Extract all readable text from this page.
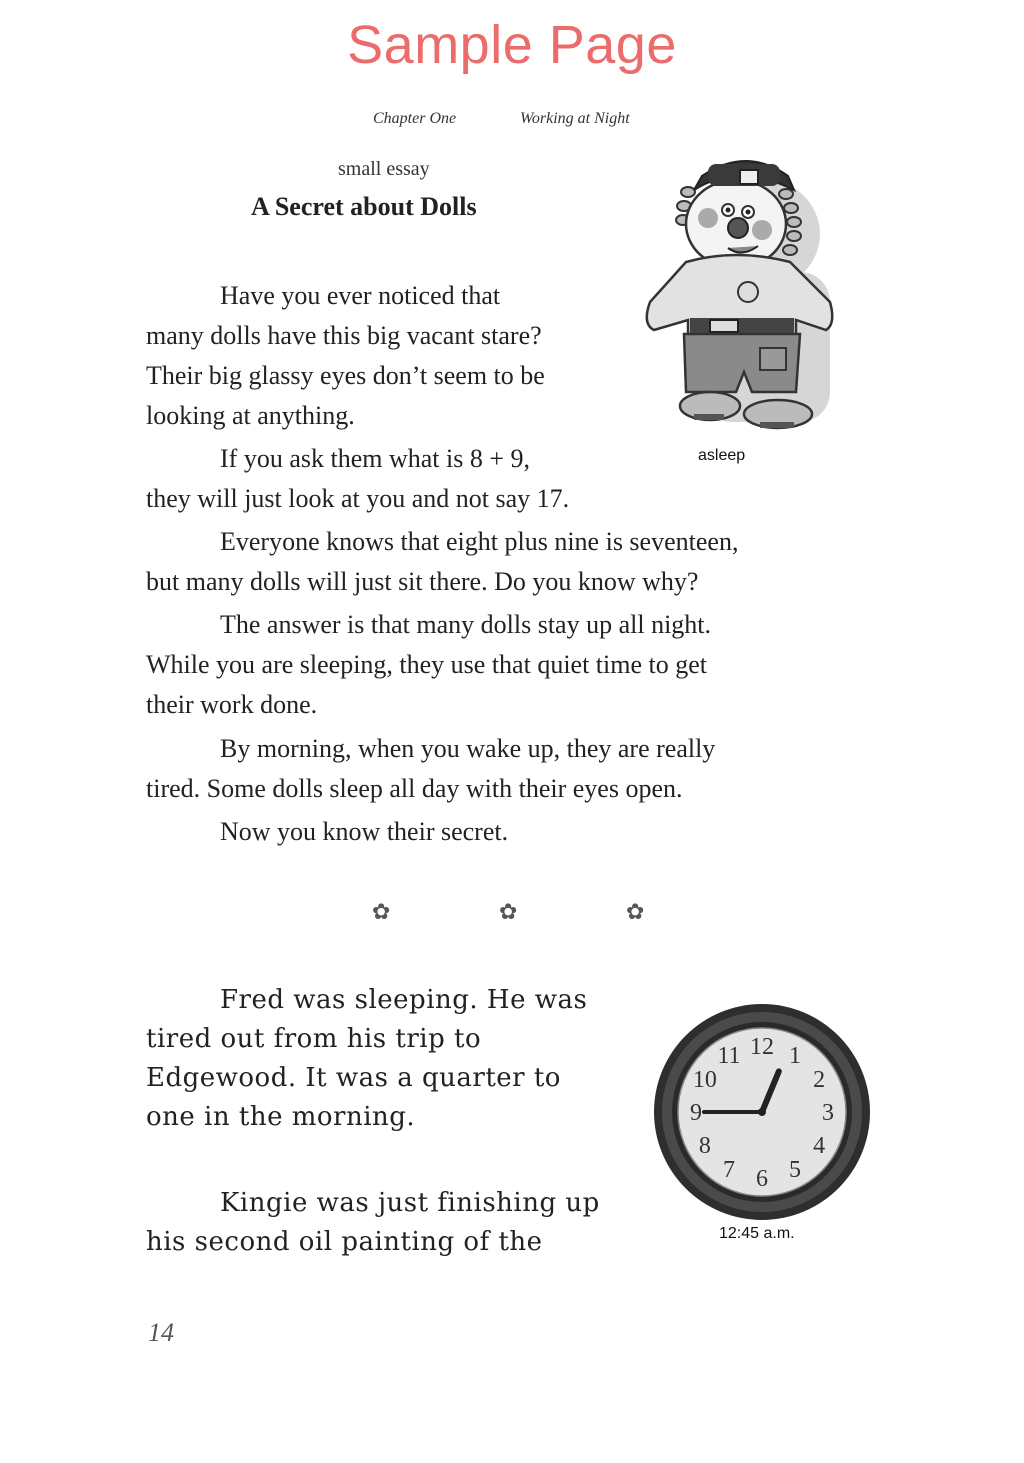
Sample Page
Chapter One	Working at Night
small essay
A Secret about Dolls
Have you ever noticed that
many dolls have this big vacant stare?
Their big glassy eyes don’t seem to be
looking at anything.
If you ask them what is 8 + 9,
they will just look at you and not say 17.
Everyone knows that eight plus nine is seventeen,
but many dolls will just sit there. Do you know why?
The answer is that many dolls stay up all night.
While you are sleeping, they use that quiet time to get
their work done.
By morning, when you wake up, they are really
tired. Some dolls sleep all day with their eyes open.
Now you know their secret.
asleep
✿	✿	✿
Fred was sleeping. He was
tired out from his trip to
Edgewood. It was a quarter to
one in the morning.
Kingie was just finishing up
his second oil painting of the
12 1
2
3
4
5
6
7
8
9
10
11
12:45 a.m.
14
